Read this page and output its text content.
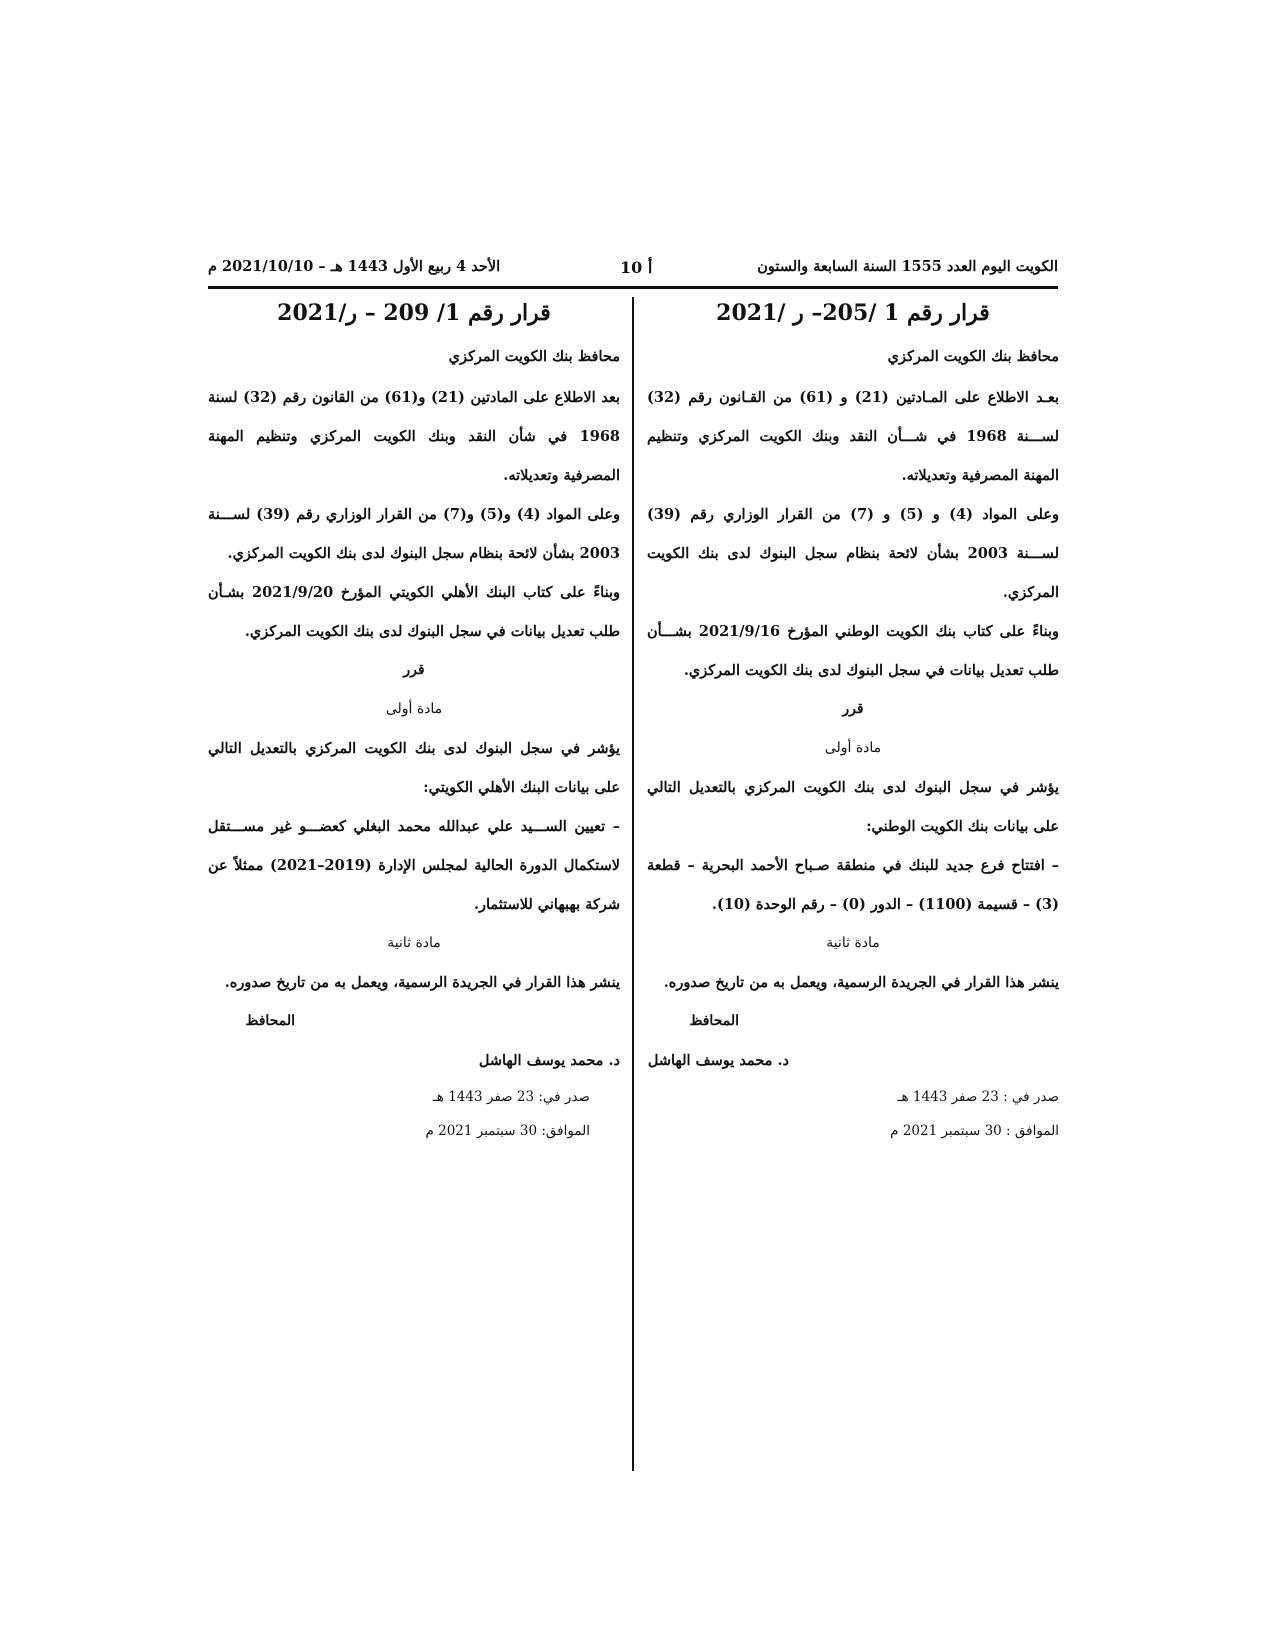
الكويت اليوم العدد 1555 السنة السابعة والستون
أ 10
الأحد 4 ربيع الأول 1443 هـ – 2021/10/10 م
قرار رقم 1 /205– ر /2021

محافظ بنك الكويت المركزي

بعـد الاطلاع على المـادتين (21) و (61) من القـانون رقم (32) لســـنة 1968 في شـــأن النقد وبنك الكويت المركزي وتنظيم المهنة المصرفية وتعديلاته.

وعلى المواد (4) و (5) و (7) من القرار الوزاري رقم (39) لســـنة 2003 بشأن لائحة بنظام سجل البنوك لدى بنك الكويت المركزي.

وبناءً على كتاب بنك الكويت الوطني المؤرخ 2021/9/16 بشـــأن طلب تعديل بيانات في سجل البنوك لدى بنك الكويت المركزي.

قرر

مادة أولى

يؤشر في سجل البنوك لدى بنك الكويت المركزي بالتعديل التالي على بيانات بنك الكويت الوطني:

– افتتاح فرع جديد للبنك في منطقة صـباح الأحمد البحرية – قطعة (3) – قسيمة (1100) – الدور (0) – رقم الوحدة (10).

مادة ثانية

ينشر هذا القرار في الجريدة الرسمية، ويعمل به من تاريخ صدوره.

المحافظ

د. محمد يوسف الهاشل

صدر في : 23 صفر 1443 هـ

الموافق : 30 سبتمبر 2021 م

قرار رقم 1/ 209 – ر/2021

محافظ بنك الكويت المركزي

بعد الاطلاع على المادتين (21) و(61) من القانون رقم (32) لسنة 1968 في شأن النقد وبنك الكويت المركزي وتنظيم المهنة المصرفية وتعديلاته.

وعلى المواد (4) و(5) و(7) من القرار الوزاري رقم (39) لســـنة 2003 بشأن لائحة بنظام سجل البنوك لدى بنك الكويت المركزي.

وبناءً على كتاب البنك الأهلي الكويتي المؤرخ 2021/9/20 بشـأن طلب تعديل بيانات في سجل البنوك لدى بنك الكويت المركزي.

قرر

مادة أولى

يؤشر في سجل البنوك لدى بنك الكويت المركزي بالتعديل التالي على بيانات البنك الأهلي الكويتي:

– تعيين الســـيد علي عبدالله محمد البغلي كعضـــو غير مســـتقل لاستكمال الدورة الحالية لمجلس الإدارة (2019–2021) ممثلاً عن شركة بهبهاني للاستثمار.

مادة ثانية

ينشر هذا القرار في الجريدة الرسمية، ويعمل به من تاريخ صدوره.

المحافظ

د. محمد يوسف الهاشل

صدر في: 23 صفر 1443 هـ

الموافق: 30 سبتمبر 2021 م
